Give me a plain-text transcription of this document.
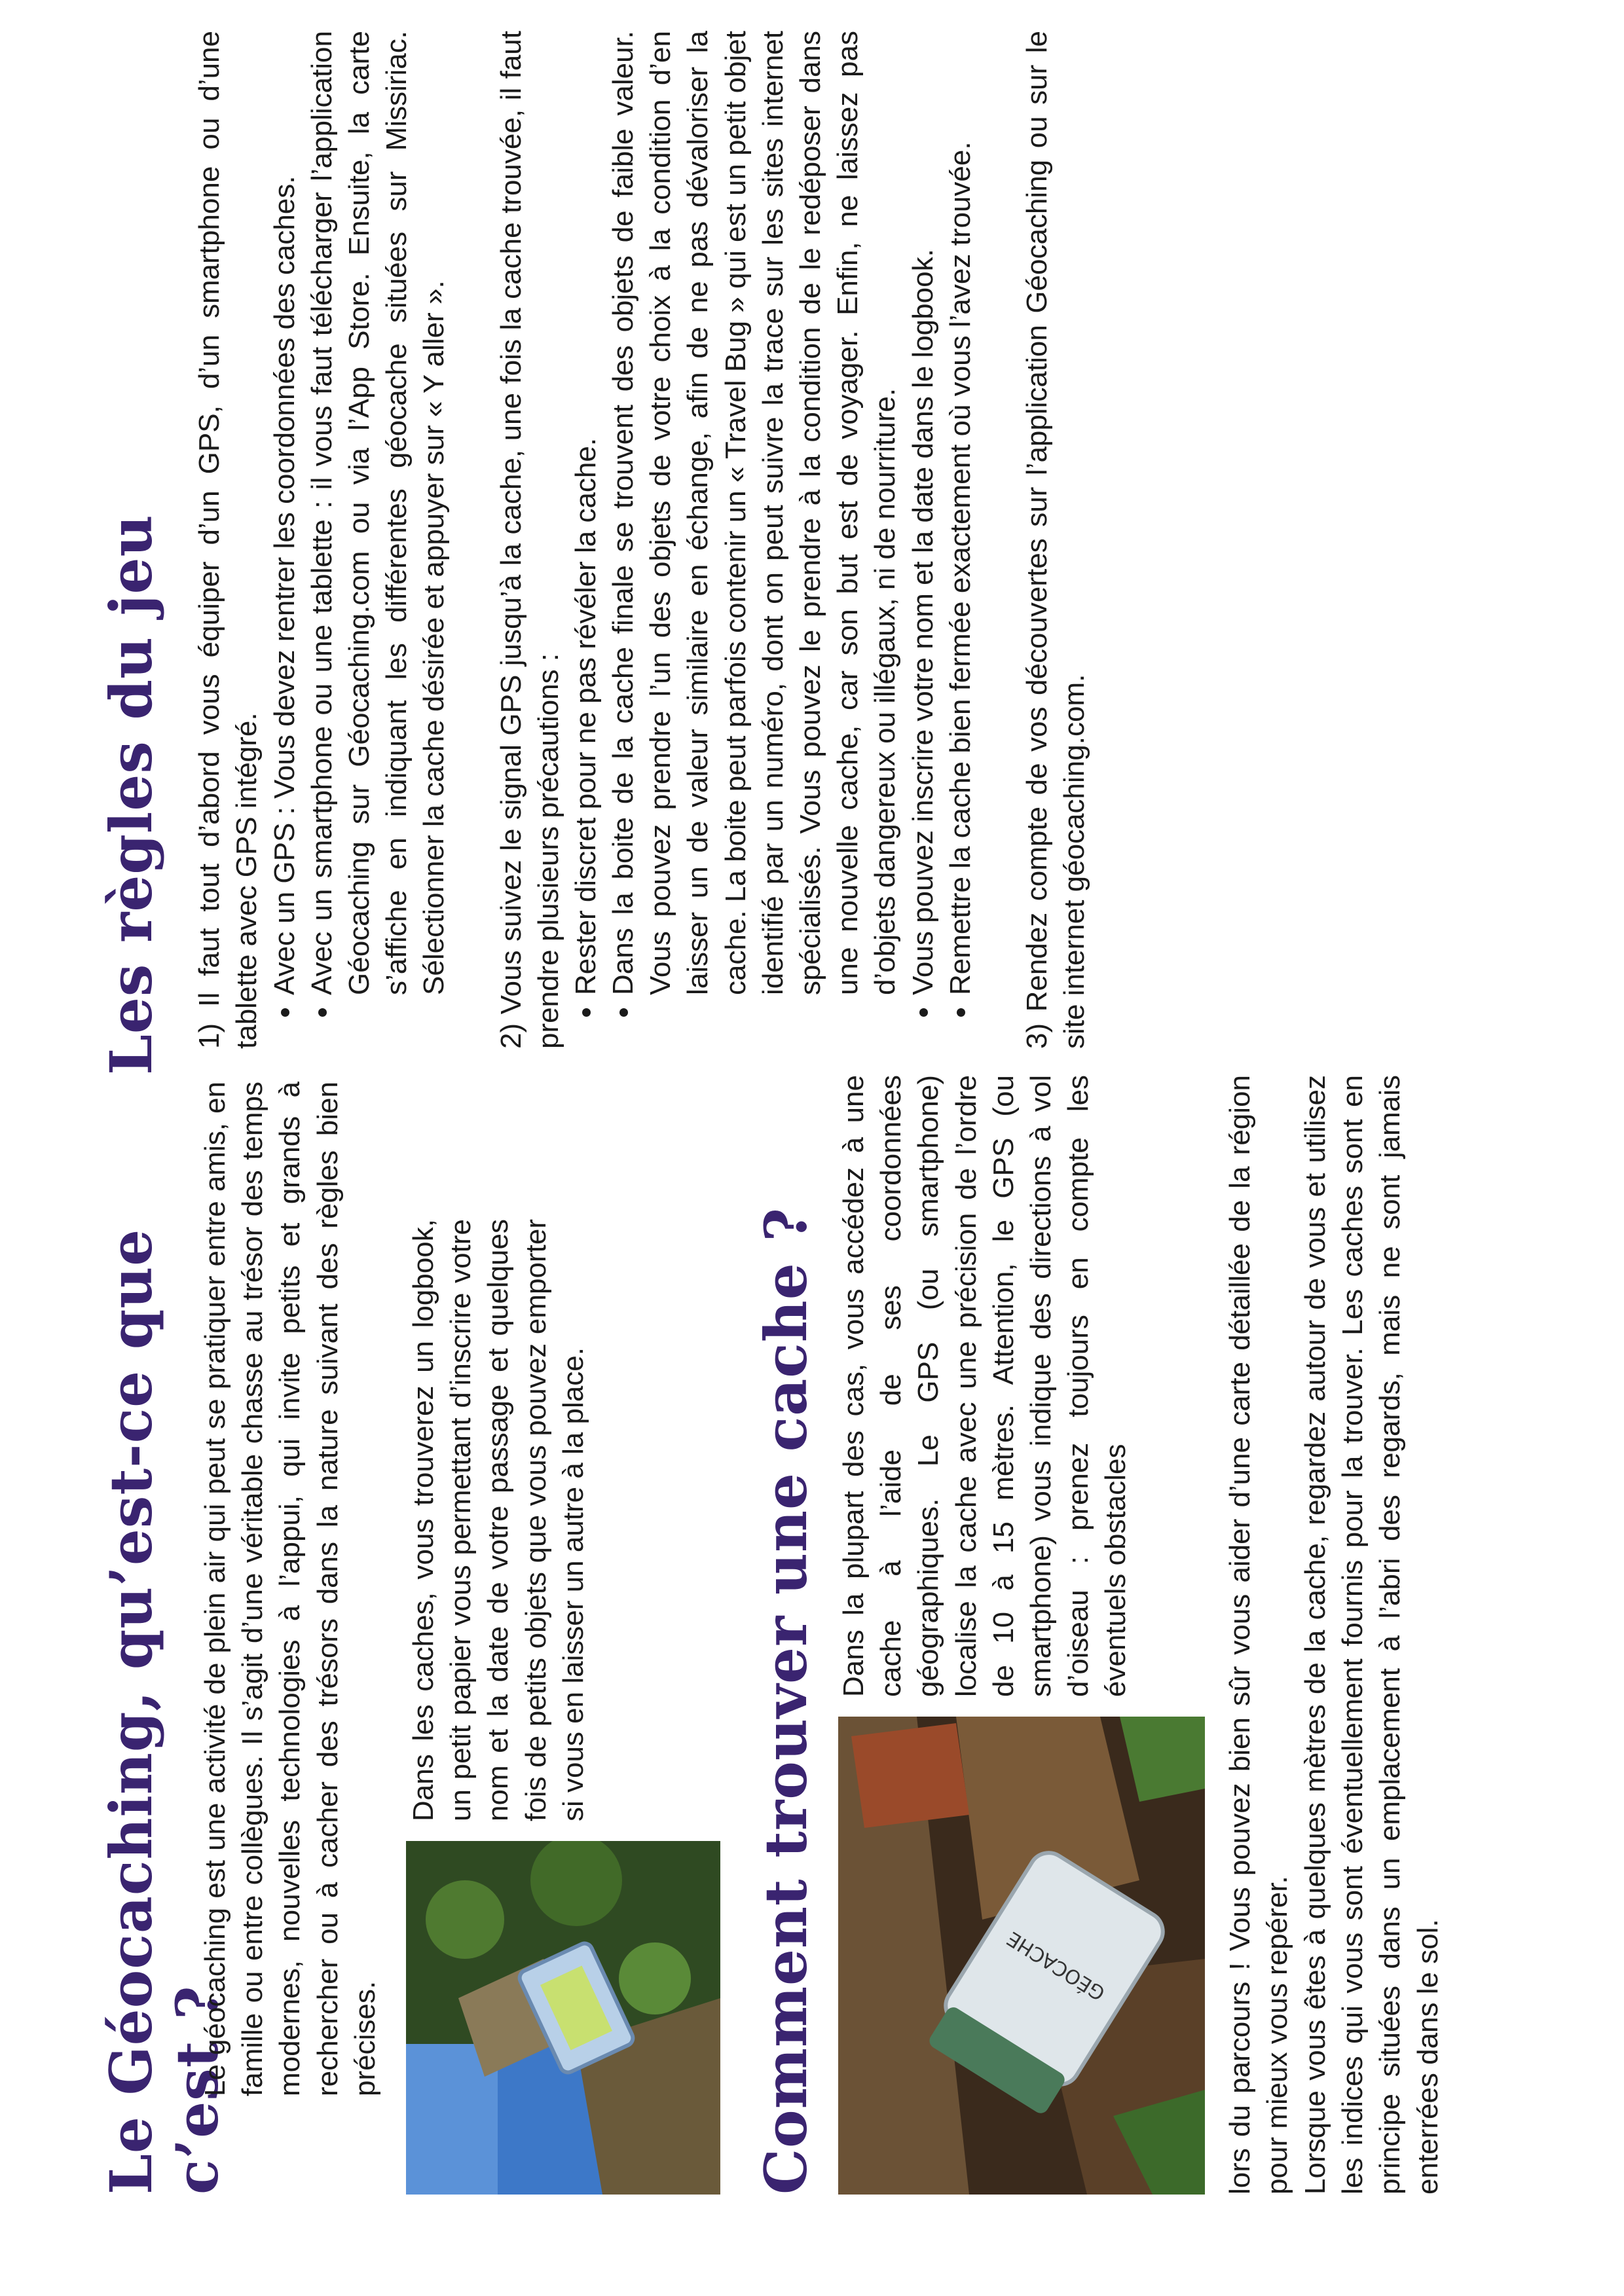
Le Géocaching, qu’est-ce que c’est ?

Le géocaching est une activité de plein air qui peut se pratiquer entre amis, en famille ou entre collègues. Il s’agit d’une véritable chasse au trésor des temps modernes, nouvelles technologies à l’appui, qui invite petits et grands à rechercher ou à cacher des trésors dans la nature suivant des règles bien précises.

Dans les caches, vous trouverez un logbook, un petit papier vous permettant d’inscrire votre nom et la date de votre passage et quelques fois de petits objets que vous pouvez emporter si vous en laisser un autre à la place.	Comment trouver une cache ?	GÉOCACHE

Dans la plupart des cas, vous accédez à une cache à l’aide de ses coordonnées géographiques. Le GPS (ou smartphone) localise la cache avec une précision de l’ordre de 10 à 15 mètres. Attention, le GPS (ou smartphone) vous indique des directions à vol d’oiseau : prenez toujours en compte les éventuels obstacles	lors du parcours ! Vous pouvez bien sûr vous aider d’une carte détaillée de la région pour mieux vous repérer. Lorsque vous êtes à quelques mètres de la cache, regardez autour de vous et utilisez les indices qui vous sont éventuellement fournis pour la trouver. Les caches sont en principe situées dans un emplacement à l’abri des regards, mais ne sont jamais enterrées dans le sol.

Les règles du jeu 1) Il faut tout d’abord vous équiper d’un GPS, d’un smartphone ou d’une tablette avec GPS intégré. • Avec un GPS : Vous devez rentrer les coordonnées des caches. • Avec un smartphone ou une tablette : il vous faut télécharger l’application Géocaching sur Géocaching.com ou via l’App Store. Ensuite, la carte s’affiche en indiquant les différentes géocache situées sur Missiriac. Sélectionner la cache désirée et appuyer sur « Y aller ». 2) Vous suivez le signal GPS jusqu’à la cache, une fois la cache trouvée, il faut prendre plusieurs précautions : • Rester discret pour ne pas révéler la cache. • Dans la boite de la cache finale se trouvent des objets de faible valeur. Vous pouvez prendre l’un des objets de votre choix à la condition d’en laisser un de valeur similaire en échange, afin de ne pas dévaloriser la cache. La boite peut parfois contenir un « Travel Bug » qui est un petit objet identifié par un numéro, dont on peut suivre la trace sur les sites internet spécialisés. Vous pouvez le prendre à la condition de le redéposer dans une nouvelle cache, car son but est de voyager. Enfin, ne laissez pas d’objets dangereux ou illégaux, ni de nourriture. • Vous pouvez inscrire votre nom et la date dans le logbook. • Remettre la cache bien fermée exactement où vous l’avez trouvée. 3) Rendez compte de vos découvertes sur l’application Géocaching ou sur le site internet géocaching.com.
